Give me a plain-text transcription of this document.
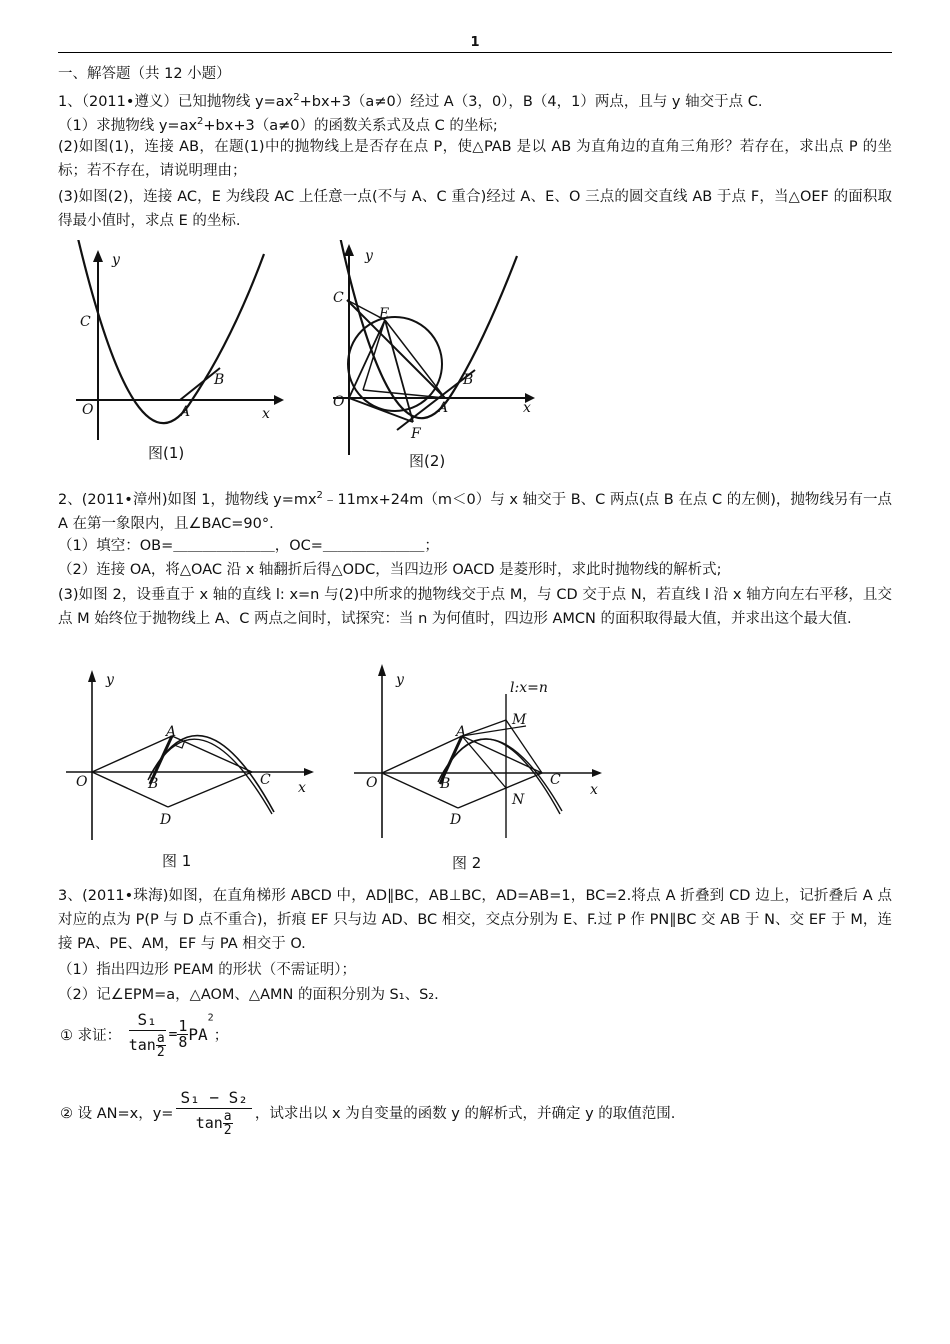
1
一、解答题（共 12 小题）
1、（2011•遵义）已知抛物线 $y=ax^2+bx+3(a\ne 0)$经过 A（3，0），B（4，1）两点，且与 y 轴交于点 C.
（1）求抛物线 $y=ax^2+bx+3(a\ne 0)$的函数关系式及点 C 的坐标;
(2)如图(1)，连接 AB，在题(1)中的抛物线上是否存在点 P，使△PAB 是以 AB 为直角边的直角三角形？若存在，求出点 P 的坐标；若不存在，请说明理由；
(3)如图(2)，连接 AC，E 为线段 AC 上任意一点(不与 A、C 重合)经过 A、E、O 三点的圆交直线 AB 于点 F，当△OEF 的面积取得最小值时，求点 E 的坐标.
y
x
O
C
A
B
图(1)
y
x
O
C
A
B
E
F
图(2)
2、(2011•漳州)如图 1，抛物线 $y=mx^2﹣11mx+24m(m<0)$与 x 轴交于 B、C 两点(点 B 在点 C 的左侧)，抛物线另有一点 A 在第一象限内，且∠BAC=90°.
（1）填空：OB=＿＿＿＿＿＿＿，OC=＿＿＿＿＿＿＿；
（2）连接 OA，将△OAC 沿 x 轴翻折后得△ODC，当四边形 OACD 是菱形时，求此时抛物线的解析式;
(3)如图 2，设垂直于 x 轴的直线 l: x=n 与(2)中所求的抛物线交于点 M，与 CD 交于点 N，若直线 l 沿 x 轴方向左右平移，且交点 M 始终位于抛物线上 A、C 两点之间时，试探究：当 n 为何值时，四边形 AMCN 的面积取得最大值，并求出这个最大值.
y
x
O
A
B	C
D
图 1
y
x
O
A
B	C
D
M
N
l:x=n
图 2
3、(2011•珠海)如图，在直角梯形 ABCD 中，AD∥BC，AB⊥BC，AD=AB=1，BC=2.将点 A 折叠到 CD 边上，记折叠后 A 点对应的点为 P(P 与 D 点不重合)，折痕 EF 只与边 AD、BC 相交，交点分别为 E、F.过 P 作 PN∥BC 交 AB 于 N、交 EF 于 M，连接 PA、PE、AM，EF 与 PA 相交于 O.
（1）指出四边形 PEAM 的形状（不需证明）；
（2）记∠EPM=a，△AOM、△AMN 的面积分别为 S₁、S₂.
① 求证： $\frac{\text{S₁}}{\tan \frac{a}{2}} = \frac{1}{8} PA^2$；
② 设 AN=x，$y= \frac{\text{S₁ − S₂}}{\tan \frac{a}{2}}$ ，试求出以 x 为自变量的函数 y 的解析式，并确定 y 的取值范围.
